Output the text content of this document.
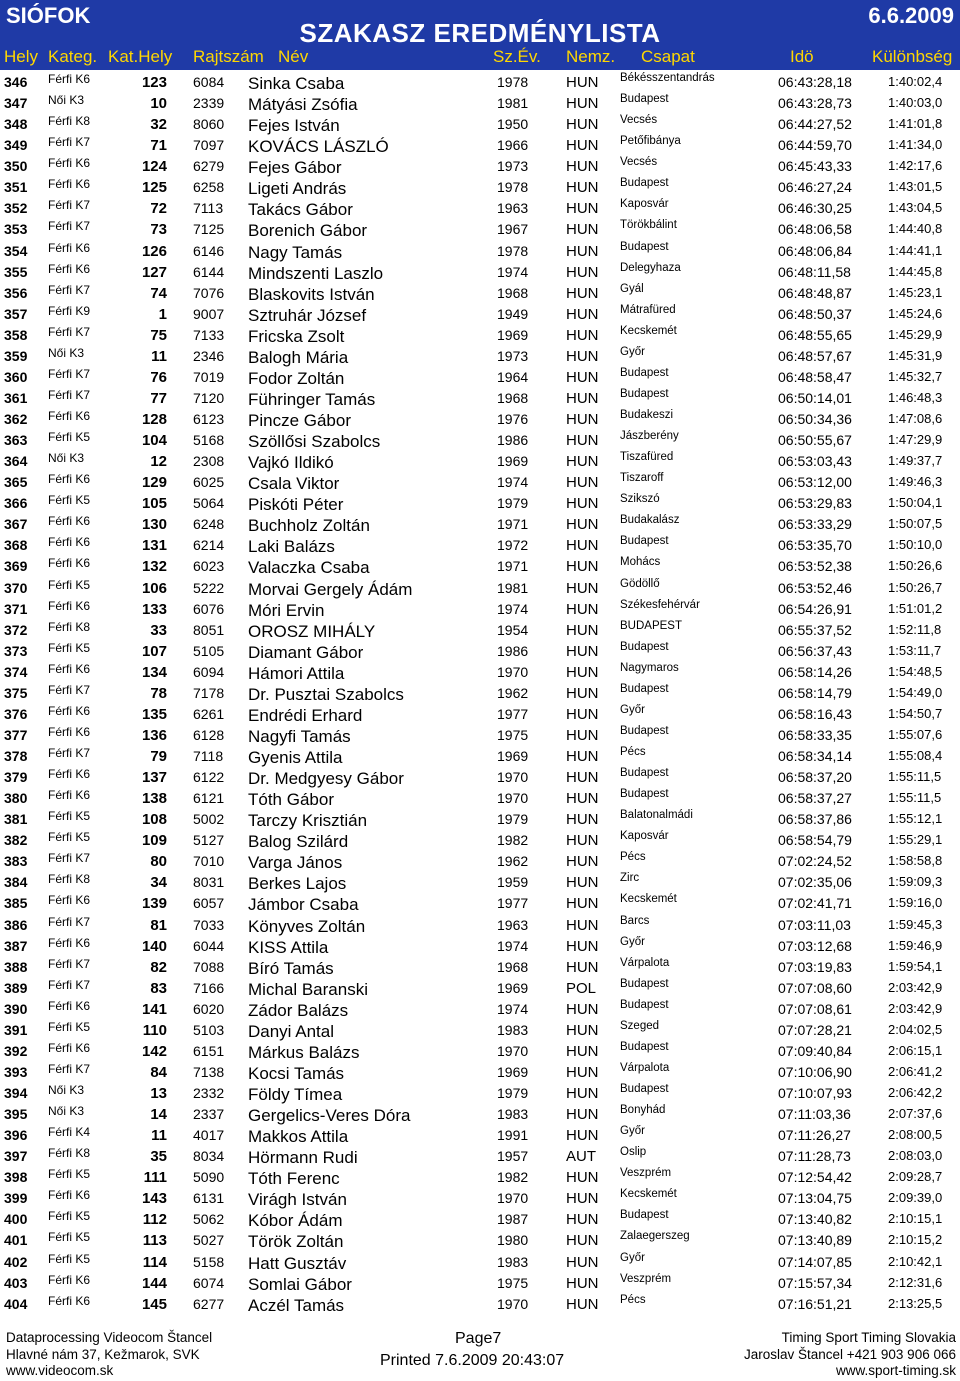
SIÓFOK
SZAKASZ EREDMÉNYLISTA
6.6.2009
Hely Kateg. Kat.Hely Rajtszám Név	Sz.Év. Nemz. Csapat	Idö	Különbség
346 Férfi K6	123 6084 Sinka Csaba	1978	HUN Békésszentandrás	06:43:28,18	1:40:02,4
347 Női K3	10 2339 Mátyási Zsófia	1981	HUN Budapest	06:43:28,73	1:40:03,0
348 Férfi K8	32 8060 Fejes István	1950	HUN Vecsés	06:44:27,52	1:41:01,8
349 Férfi K7	71 7097 KOVÁCS LÁSZLÓ	1966	HUN Petőfibánya	06:44:59,70	1:41:34,0
350 Férfi K6	124 6279 Fejes Gábor	1973	HUN Vecsés	06:45:43,33	1:42:17,6
351 Férfi K6	125 6258 Ligeti András	1978	HUN Budapest	06:46:27,24	1:43:01,5
352 Férfi K7	72 7113 Takács Gábor	1963	HUN Kaposvár	06:46:30,25	1:43:04,5
353 Férfi K7	73 7125 Borenich Gábor	1967	HUN Törökbálint	06:48:06,58	1:44:40,8
354 Férfi K6	126 6146 Nagy Tamás	1978	HUN Budapest	06:48:06,84	1:44:41,1
355 Férfi K6	127 6144 Mindszenti Laszlo	1974	HUN Delegyhaza	06:48:11,58	1:44:45,8
356 Férfi K7	74 7076 Blaskovits István	1968	HUN Gyál	06:48:48,87	1:45:23,1
357 Férfi K9	1 9007 Sztruhár József	1949	HUN Mátrafüred	06:48:50,37	1:45:24,6
358 Férfi K7	75 7133 Fricska Zsolt	1969	HUN Kecskemét	06:48:55,65	1:45:29,9
359 Női K3	11 2346 Balogh Mária	1973	HUN Győr	06:48:57,67	1:45:31,9
360 Férfi K7	76 7019 Fodor Zoltán	1964	HUN Budapest	06:48:58,47	1:45:32,7
361 Férfi K7	77 7120 Führinger Tamás	1968	HUN Budapest	06:50:14,01	1:46:48,3
362 Férfi K6	128 6123 Pincze Gábor	1976	HUN Budakeszi	06:50:34,36	1:47:08,6
363 Férfi K5	104 5168 Szöllősi Szabolcs	1986	HUN Jászberény	06:50:55,67	1:47:29,9
364 Női K3	12 2308 Vajkó Ildikó	1969	HUN Tiszafüred	06:53:03,43	1:49:37,7
365 Férfi K6	129 6025 Csala Viktor	1974	HUN Tiszaroff	06:53:12,00	1:49:46,3
366 Férfi K5	105 5064 Piskóti Péter	1979	HUN Szikszó	06:53:29,83	1:50:04,1
367 Férfi K6	130 6248 Buchholz Zoltán	1971	HUN Budakalász	06:53:33,29	1:50:07,5
368 Férfi K6	131 6214 Laki Balázs	1972	HUN Budapest	06:53:35,70	1:50:10,0
369 Férfi K6	132 6023 Valaczka Csaba	1971	HUN Mohács	06:53:52,38	1:50:26,6
370 Férfi K5	106 5222 Morvai Gergely Ádám	1981	HUN Gödöllő	06:53:52,46	1:50:26,7
371 Férfi K6	133 6076 Móri Ervin	1974	HUN Székesfehérvár	06:54:26,91	1:51:01,2
372 Férfi K8	33 8051 OROSZ MIHÁLY	1954	HUN BUDAPEST	06:55:37,52	1:52:11,8
373 Férfi K5	107 5105 Diamant Gábor	1986	HUN Budapest	06:56:37,43	1:53:11,7
374 Férfi K6	134 6094 Hámori Attila	1970	HUN Nagymaros	06:58:14,26	1:54:48,5
375 Férfi K7	78 7178 Dr. Pusztai Szabolcs	1962	HUN Budapest	06:58:14,79	1:54:49,0
376 Férfi K6	135 6261 Endrédi Erhard	1977	HUN Győr	06:58:16,43	1:54:50,7
377 Férfi K6	136 6128 Nagyfi Tamás	1975	HUN Budapest	06:58:33,35	1:55:07,6
378 Férfi K7	79 7118 Gyenis Attila	1969	HUN Pécs	06:58:34,14	1:55:08,4
379 Férfi K6	137 6122 Dr. Medgyesy Gábor	1970	HUN Budapest	06:58:37,20	1:55:11,5
380 Férfi K6	138 6121 Tóth Gábor	1970	HUN Budapest	06:58:37,27	1:55:11,5
381 Férfi K5	108 5002 Tarczy Krisztián	1979	HUN Balatonalmádi	06:58:37,86	1:55:12,1
382 Férfi K5	109 5127 Balog Szilárd	1982	HUN Kaposvár	06:58:54,79	1:55:29,1
383 Férfi K7	80 7010 Varga János	1962	HUN Pécs	07:02:24,52	1:58:58,8
384 Férfi K8	34 8031 Berkes Lajos	1959	HUN Zirc	07:02:35,06	1:59:09,3
385 Férfi K6	139 6057 Jámbor Csaba	1977	HUN Kecskemét	07:02:41,71	1:59:16,0
386 Férfi K7	81 7033 Könyves Zoltán	1963	HUN Barcs	07:03:11,03	1:59:45,3
387 Férfi K6	140 6044 KISS Attila	1974	HUN Győr	07:03:12,68	1:59:46,9
388 Férfi K7	82 7088 Bíró Tamás	1968	HUN Várpalota	07:03:19,83	1:59:54,1
389 Férfi K7	83 7166 Michal Baranski	1969	POL Budapest	07:07:08,60	2:03:42,9
390 Férfi K6	141 6020 Zádor Balázs	1974	HUN Budapest	07:07:08,61	2:03:42,9
391 Férfi K5	110 5103 Danyi Antal	1983	HUN Szeged	07:07:28,21	2:04:02,5
392 Férfi K6	142 6151 Márkus Balázs	1970	HUN Budapest	07:09:40,84	2:06:15,1
393 Férfi K7	84 7138 Kocsi Tamás	1969	HUN Várpalota	07:10:06,90	2:06:41,2
394 Női K3	13 2332 Földy Tímea	1979	HUN Budapest	07:10:07,93	2:06:42,2
395 Női K3	14 2337 Gergelics-Veres Dóra	1983	HUN Bonyhád	07:11:03,36	2:07:37,6
396 Férfi K4	11 4017 Makkos Attila	1991	HUN Győr	07:11:26,27	2:08:00,5
397 Férfi K8	35 8034 Hörmann Rudi	1957	AUT Oslip	07:11:28,73	2:08:03,0
398 Férfi K5	111 5090 Tóth Ferenc	1982	HUN Veszprém	07:12:54,42	2:09:28,7
399 Férfi K6	143 6131 Virágh István	1970	HUN Kecskemét	07:13:04,75	2:09:39,0
400 Férfi K5	112 5062 Kóbor Ádám	1987	HUN Budapest	07:13:40,82	2:10:15,1
401 Férfi K5	113 5027 Török Zoltán	1980	HUN Zalaegerszeg	07:13:40,89	2:10:15,2
402 Férfi K5	114 5158 Hatt Gusztáv	1983	HUN Győr	07:14:07,85	2:10:42,1
403 Férfi K6	144 6074 Somlai Gábor	1975	HUN Veszprém	07:15:57,34	2:12:31,6
404 Férfi K6	145 6277 Aczél Tamás	1970	HUN Pécs	07:16:51,21	2:13:25,5
Dataprocessing Videocom Štancel
Hlavné nám 37, Kežmarok, SVK
www.videocom.sk
Page7
Printed 7.6.2009 20:43:07
Timing Sport Timing Slovakia
Jaroslav Štancel +421 903 906 066
www.sport-timing.sk
